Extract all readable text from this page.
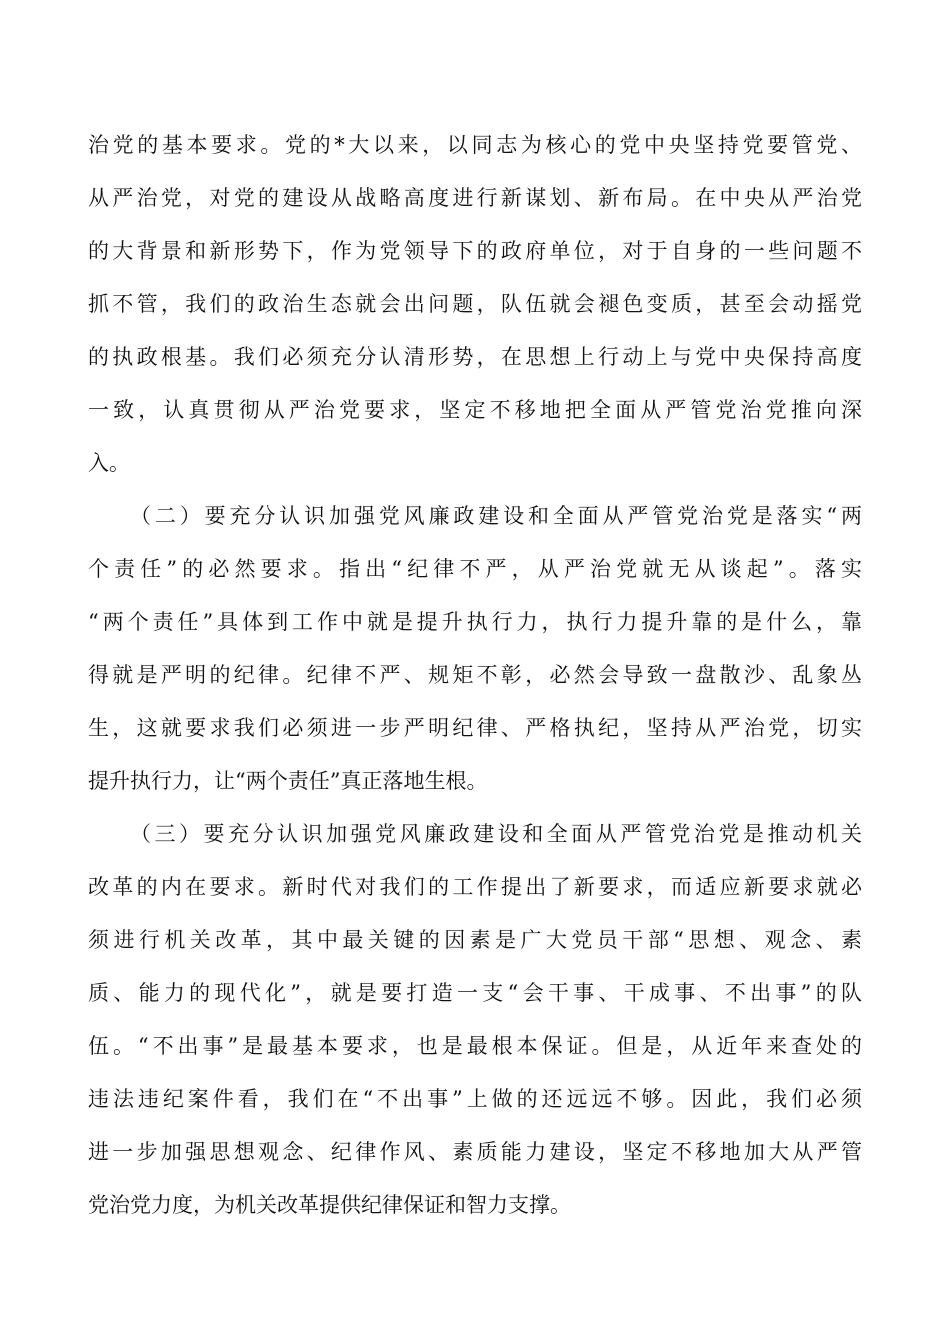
治党的基本要求。党的*大以来，以同志为核心的党中央坚持党要管党、

从严治党，对党的建设从战略高度进行新谋划、新布局。在中央从严治党

的大背景和新形势下，作为党领导下的政府单位，对于自身的一些问题不

抓不管，我们的政治生态就会出问题，队伍就会褪色变质，甚至会动摇党

的执政根基。我们必须充分认清形势，在思想上行动上与党中央保持高度

一致，认真贯彻从严治党要求，坚定不移地把全面从严管党治党推向深

入。

（二）要充分认识加强党风廉政建设和全面从严管党治党是落实“两

个责任”的必然要求。指出“纪律不严，从严治党就无从谈起”。落实

“两个责任”具体到工作中就是提升执行力，执行力提升靠的是什么，靠

得就是严明的纪律。纪律不严、规矩不彰，必然会导致一盘散沙、乱象丛

生，这就要求我们必须进一步严明纪律、严格执纪，坚持从严治党，切实

提升执行力，让“两个责任”真正落地生根。

（三）要充分认识加强党风廉政建设和全面从严管党治党是推动机关

改革的内在要求。新时代对我们的工作提出了新要求，而适应新要求就必

须进行机关改革，其中最关键的因素是广大党员干部“思想、观念、素

质、能力的现代化”，就是要打造一支“会干事、干成事、不出事”的队

伍。“不出事”是最基本要求，也是最根本保证。但是，从近年来查处的

违法违纪案件看，我们在“不出事”上做的还远远不够。因此，我们必须

进一步加强思想观念、纪律作风、素质能力建设，坚定不移地加大从严管

党治党力度，为机关改革提供纪律保证和智力支撑。
